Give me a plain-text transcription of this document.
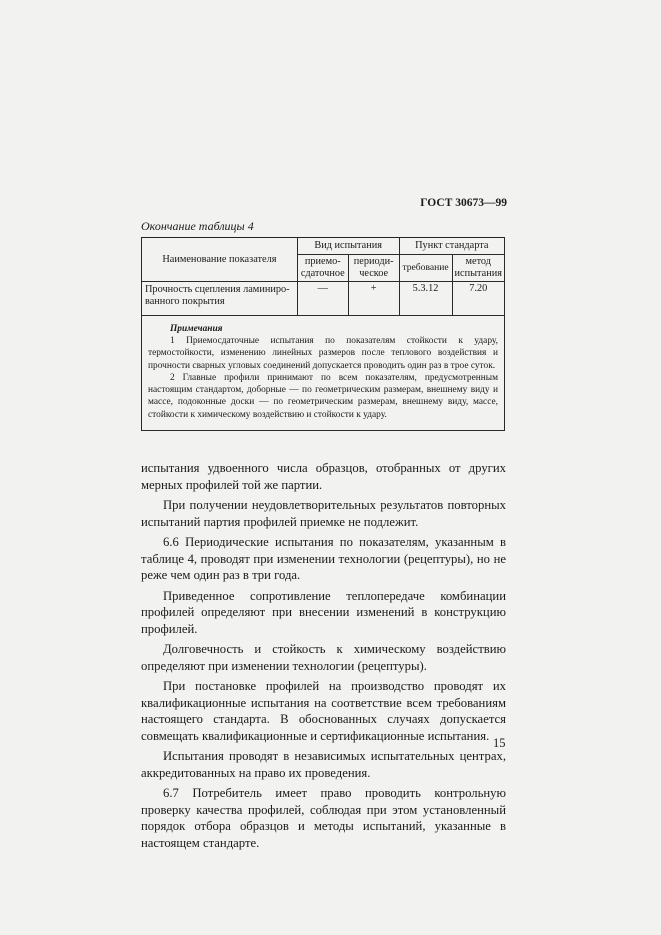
ГОСТ 30673—99
Окончание таблицы 4
Наименование показателя	Вид испытания		Пункт стандарта	
	приемо-сдаточное	периоди-ческое	требование	метод испытания
Прочность сцепления ламиниро-ванного покрытия	—	+	5.3.12	7.20
Примечания

1 Приемосдаточные испытания по показателям стойкости к удару, термостойкости, изменению линейных размеров после теплового воздействия и прочности сварных угловых соединений допускается проводить один раз в трое суток.

2 Главные профили принимают по всем показателям, предусмотренным настоящим стандартом, доборные — по геометрическим размерам, внешнему виду и массе, подоконные доски — по геометрическим размерам, внешнему виду, массе, стойкости к химическому воздействию и стойкости к удару.

испытания удвоенного числа образцов, отобранных от других мерных профилей той же партии.

При получении неудовлетворительных результатов повторных испытаний партия профилей приемке не подлежит.

6.6 Периодические испытания по показателям, указанным в таблице 4, проводят при изменении технологии (рецептуры), но не реже чем один раз в три года.

Приведенное сопротивление теплопередаче комбинации профилей определяют при внесении изменений в конструкцию профилей.

Долговечность и стойкость к химическому воздействию определяют при изменении технологии (рецептуры).

При постановке профилей на производство проводят их квалификационные испытания на соответствие всем требованиям настоящего стандарта. В обоснованных случаях допускается совмещать квалификационные и сертификационные испытания.

Испытания проводят в независимых испытательных центрах, аккредитованных на право их проведения.

6.7 Потребитель имеет право проводить контрольную проверку качества профилей, соблюдая при этом установленный порядок отбора образцов и методы испытаний, указанные в настоящем стандарте.

15
